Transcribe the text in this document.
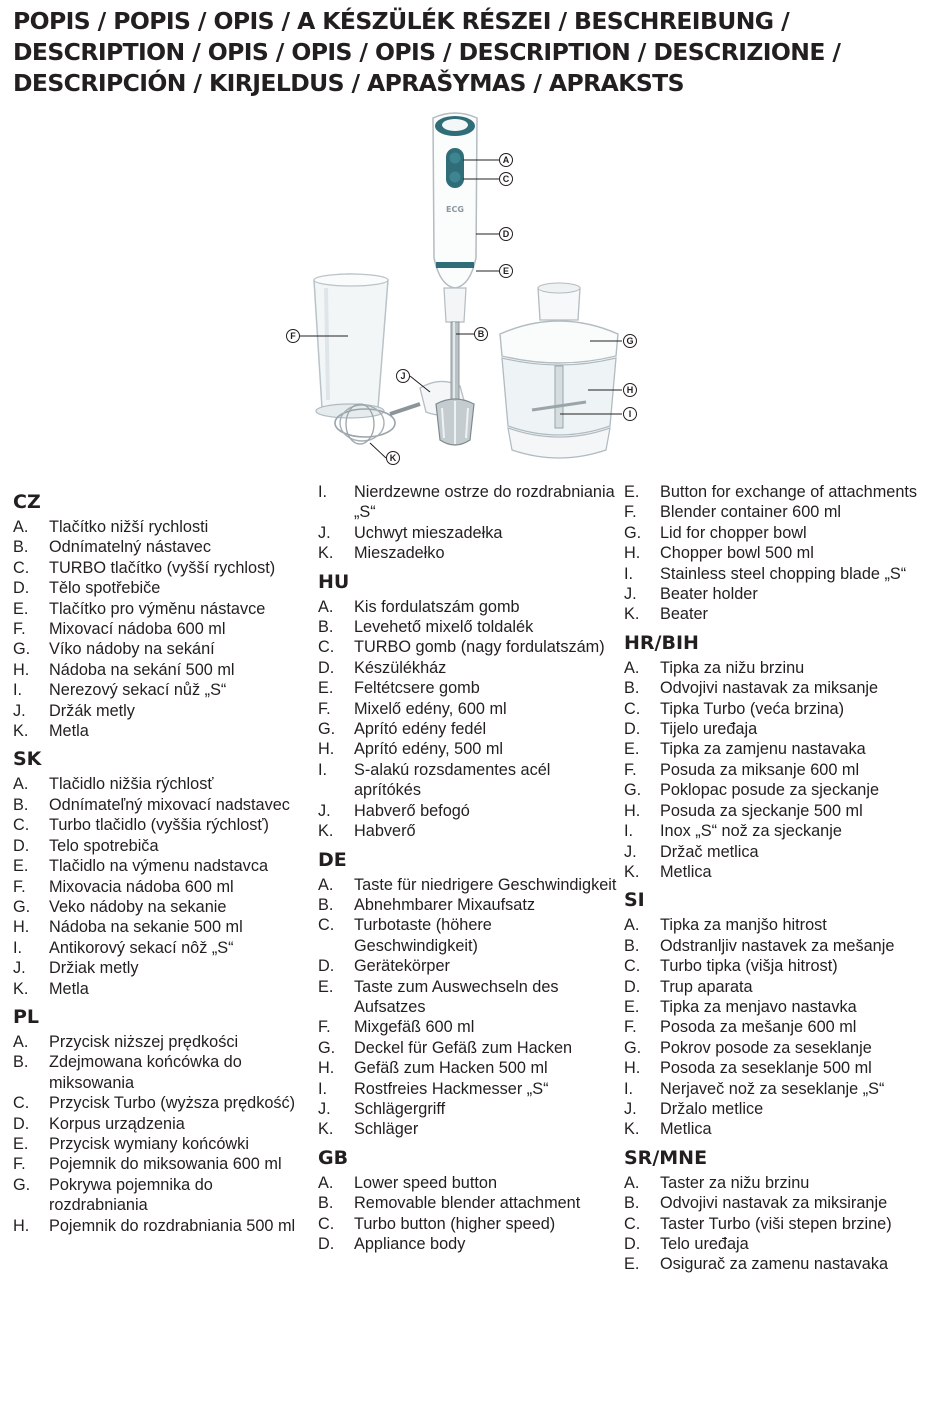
POPIS / POPIS / OPIS / A KÉSZÜLÉK RÉSZEI / BESCHREIBUNG / DESCRIPTION / OPIS / OPIS / OPIS / DESCRIPTION / DESCRIZIONE / DESCRIPCIÓN / KIRJELDUS / APRAŠYMAS / APRAKSTS
ECG
A
C
D
E
F	B
G
J
H
I
K
CZ
A.	Tlačítko nižší rychlosti
B.	Odnímatelný nástavec
C.	TURBO tlačítko (vyšší rychlost)
D.	Tělo spotřebiče
E.	Tlačítko pro výměnu nástavce
F.	Mixovací nádoba 600 ml
G.	Víko nádoby na sekání
H.	Nádoba na sekání 500 ml
I.	Nerezový sekací nůž „S“
J.	Držák metly
K.	Metla
SK
A.	Tlačidlo nižšia rýchlosť
B.	Odnímateľný mixovací nadstavec
C.	Turbo tlačidlo (vyššia rýchlosť)
D.	Telo spotrebiča
E.	Tlačidlo na výmenu nadstavca
F.	Mixovacia nádoba 600 ml
G.	Veko nádoby na sekanie
H.	Nádoba na sekanie 500 ml
I.	Antikorový sekací nôž „S“
J.	Držiak metly
K.	Metla
PL
A.	Przycisk niższej prędkości
B.	Zdejmowana końcówka do miksowania
C.	Przycisk Turbo (wyższa prędkość)
D.	Korpus urządzenia
E.	Przycisk wymiany końcówki
F.	Pojemnik do miksowania 600 ml
G.	Pokrywa pojemnika do rozdrabniania
H.	Pojemnik do rozdrabniania 500 ml
I.	Nierdzewne ostrze do rozdrabniania „S“
J.	Uchwyt mieszadełka
K.	Mieszadełko
HU
A.	Kis fordulatszám gomb
B.	Levehető mixelő toldalék
C.	TURBO gomb (nagy fordulatszám)
D.	Készülékház
E.	Feltétcsere gomb
F.	Mixelő edény, 600 ml
G.	Aprító edény fedél
H.	Aprító edény, 500 ml
I.	S-alakú rozsdamentes acél aprítókés
J.	Habverő befogó
K.	Habverő
DE
A.	Taste für niedrigere Geschwindigkeit
B.	Abnehmbarer Mixaufsatz
C.	Turbotaste (höhere Geschwindigkeit)
D.	Gerätekörper
E.	Taste zum Auswechseln des Aufsatzes
F.	Mixgefäß 600 ml
G.	Deckel für Gefäß zum Hacken
H.	Gefäß zum Hacken 500 ml
I.	Rostfreies Hackmesser „S“
J.	Schlägergriff
K.	Schläger
GB
A.	Lower speed button
B.	Removable blender attachment
C.	Turbo button (higher speed)
D.	Appliance body
E.	Button for exchange of attachments
F.	Blender container 600 ml
G.	Lid for chopper bowl
H.	Chopper bowl 500 ml
I.	Stainless steel chopping blade „S“
J.	Beater holder
K.	Beater
HR/BIH
A.	Tipka za nižu brzinu
B.	Odvojivi nastavak za miksanje
C.	Tipka Turbo (veća brzina)
D.	Tijelo uređaja
E.	Tipka za zamjenu nastavaka
F.	Posuda za miksanje 600 ml
G.	Poklopac posude za sjeckanje
H.	Posuda za sjeckanje 500 ml
I.	Inox „S“ nož za sjeckanje
J.	Držač metlica
K.	Metlica
SI
A.	Tipka za manjšo hitrost
B.	Odstranljiv nastavek za mešanje
C.	Turbo tipka (višja hitrost)
D.	Trup aparata
E.	Tipka za menjavo nastavka
F.	Posoda za mešanje 600 ml
G.	Pokrov posode za seseklanje
H.	Posoda za seseklanje 500 ml
I.	Nerjaveč nož za seseklanje „S“
J.	Držalo metlice
K.	Metlica
SR/MNE
A.	Taster za nižu brzinu
B.	Odvojivi nastavak za miksiranje
C.	Taster Turbo (viši stepen brzine)
D.	Telo uređaja
E.	Osigurač za zamenu nastavaka
